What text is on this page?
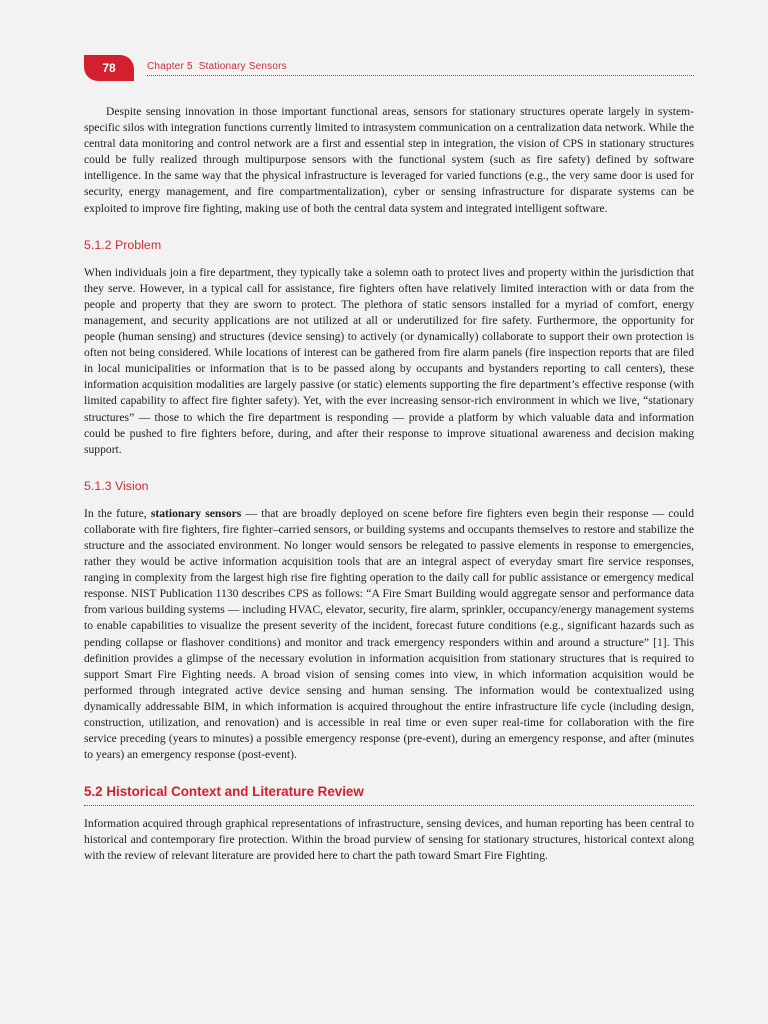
78	Chapter 5 Stationary Sensors

Despite sensing innovation in those important functional areas, sensors for stationary structures operate largely in system-specific silos with integration functions currently limited to intrasystem communication on a centralization data network. While the central data monitoring and control network are a first and essential step in integration, the vision of CPS in stationary structures could be fully realized through multipurpose sensors with the functional system (such as fire safety) defined by software intelligence. In the same way that the physical infrastructure is leveraged for varied functions (e.g., the very same door is used for security, energy management, and fire compartmentalization), cyber or sensing infrastructure for disparate systems can be exploited to improve fire fighting, making use of both the central data system and integrated intelligent software.

5.1.2 Problem

When individuals join a fire department, they typically take a solemn oath to protect lives and property within the jurisdiction that they serve. However, in a typical call for assistance, fire fighters often have relatively limited interaction with or data from the people and property that they are sworn to protect. The plethora of static sensors installed for a myriad of comfort, energy management, and security applications are not utilized at all or underutilized for fire safety. Furthermore, the opportunity for people (human sensing) and structures (device sensing) to actively (or dynamically) collaborate to support their own protection is often not being considered. While locations of interest can be gathered from fire alarm panels (fire inspection reports that are filed in local municipalities or information that is to be passed along by occupants and bystanders reporting to call centers), these information acquisition modalities are largely passive (or static) elements supporting the fire department’s effective response (with limited capability to affect fire fighter safety). Yet, with the ever increasing sensor-rich environment in which we live, “stationary structures” — those to which the fire department is responding — provide a platform by which valuable data and information could be pushed to fire fighters before, during, and after their response to improve situational awareness and decision making support.

5.1.3 Vision

In the future, stationary sensors — that are broadly deployed on scene before fire fighters even begin their response — could collaborate with fire fighters, fire fighter–carried sensors, or building systems and occupants themselves to restore and stabilize the structure and the associated environment. No longer would sensors be relegated to passive elements in response to emergencies, rather they would be active information acquisition tools that are an integral aspect of everyday smart fire service responses, ranging in complexity from the largest high rise fire fighting operation to the daily call for public assistance or emergency medical response. NIST Publication 1130 describes CPS as follows: “A Fire Smart Building would aggregate sensor and performance data from various building systems — including HVAC, elevator, security, fire alarm, sprinkler, occupancy/energy management systems to enable capabilities to visualize the present severity of the incident, forecast future conditions (e.g., significant hazards such as pending collapse or flashover conditions) and monitor and track emergency responders within and around a structure” [1]. This definition provides a glimpse of the necessary evolution in information acquisition from stationary structures that is required to support Smart Fire Fighting needs. A broad vision of sensing comes into view, in which information acquisition would be performed through integrated active device sensing and human sensing. The information would be contextualized using dynamically addressable BIM, in which information is acquired throughout the entire infrastructure life cycle (including design, construction, utilization, and renovation) and is accessible in real time or even super real-time for collaboration with the fire service preceding (years to minutes) a possible emergency response (pre-event), during an emergency response, and after (minutes to years) an emergency response (post-event).

5.2 Historical Context and Literature Review

Information acquired through graphical representations of infrastructure, sensing devices, and human reporting has been central to historical and contemporary fire protection. Within the broad purview of sensing for stationary structures, historical context along with the review of relevant literature are provided here to chart the path toward Smart Fire Fighting.
